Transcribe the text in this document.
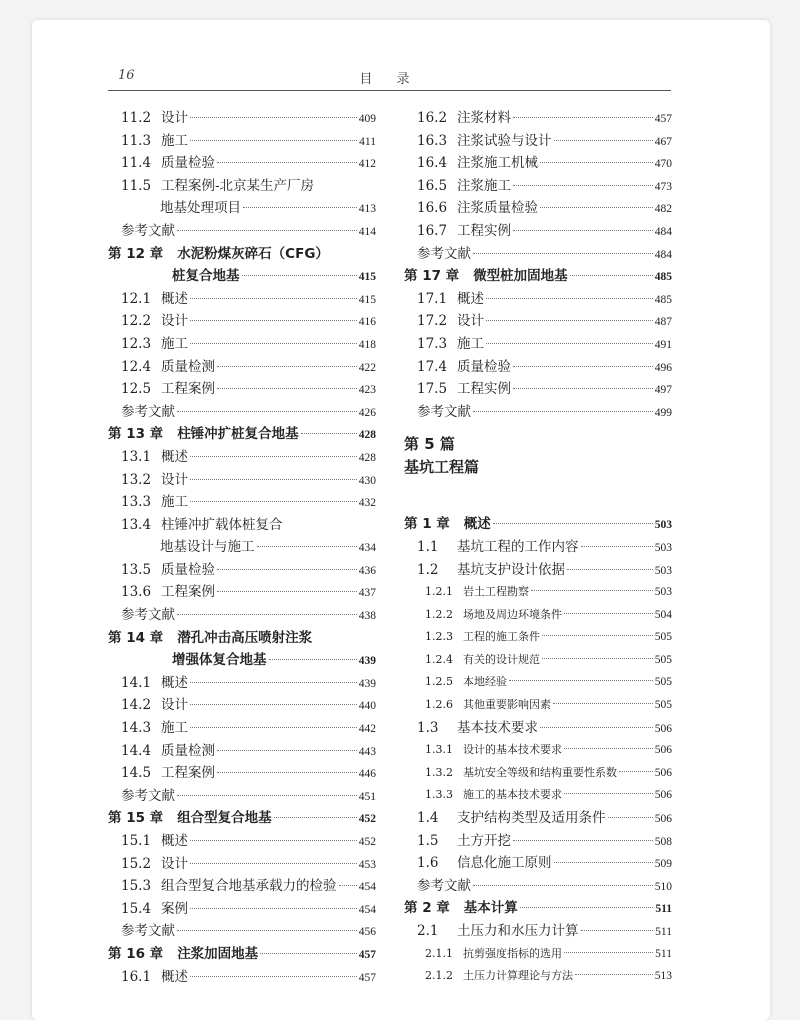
16	目 录
11.2 设计	409
11.3 施工	411
11.4 质量检验	412
11.5 工程案例-北京某生产厂房
地基处理项目	413
参考文献	414
第 12 章	水泥粉煤灰碎石（CFG）
桩复合地基	415
12.1 概述	415
12.2 设计	416
12.3 施工	418
12.4 质量检测	422
12.5 工程案例	423
参考文献	426
第 13 章	柱锤冲扩桩复合地基	428
13.1 概述	428
13.2 设计	430
13.3 施工	432
13.4 柱锤冲扩载体桩复合
地基设计与施工	434
13.5 质量检验	436
13.6 工程案例	437
参考文献	438
第 14 章	潜孔冲击高压喷射注浆
增强体复合地基	439
14.1 概述	439
14.2 设计	440
14.3 施工	442
14.4 质量检测	443
14.5 工程案例	446
参考文献	451
第 15 章	组合型复合地基	452
15.1 概述	452
15.2 设计	453
15.3 组合型复合地基承载力的检验 454
15.4 案例	454
参考文献	456
第 16 章	注浆加固地基	457
16.1 概述	457
16.2 注浆材料	457
16.3 注浆试验与设计	467
16.4 注浆施工机械	470
16.5 注浆施工	473
16.6 注浆质量检验	482
16.7 工程实例	484
参考文献	484
第 17 章	微型桩加固地基	485
17.1 概述	485
17.2 设计	487
17.3 施工	491
17.4 质量检验	496
17.5 工程实例	497
参考文献	499
第 5 篇
基坑工程篇
第 1 章	概述	503
1.1	基坑工程的工作内容	503
1.2	基坑支护设计依据	503
1.2.1 岩土工程勘察	503
1.2.2 场地及周边环境条件	504
1.2.3 工程的施工条件	505
1.2.4 有关的设计规范	505
1.2.5 本地经验	505
1.2.6 其他重要影响因素	505
1.3	基本技术要求	506
1.3.1 设计的基本技术要求	506
1.3.2 基坑安全等级和结构重要性系数	506
1.3.3 施工的基本技术要求	506
1.4	支护结构类型及适用条件	506
1.5	土方开挖	508
1.6	信息化施工原则	509
参考文献	510
第 2 章	基本计算	511
2.1	土压力和水压力计算	511
2.1.1 抗剪强度指标的选用	511
2.1.2 土压力计算理论与方法	513
